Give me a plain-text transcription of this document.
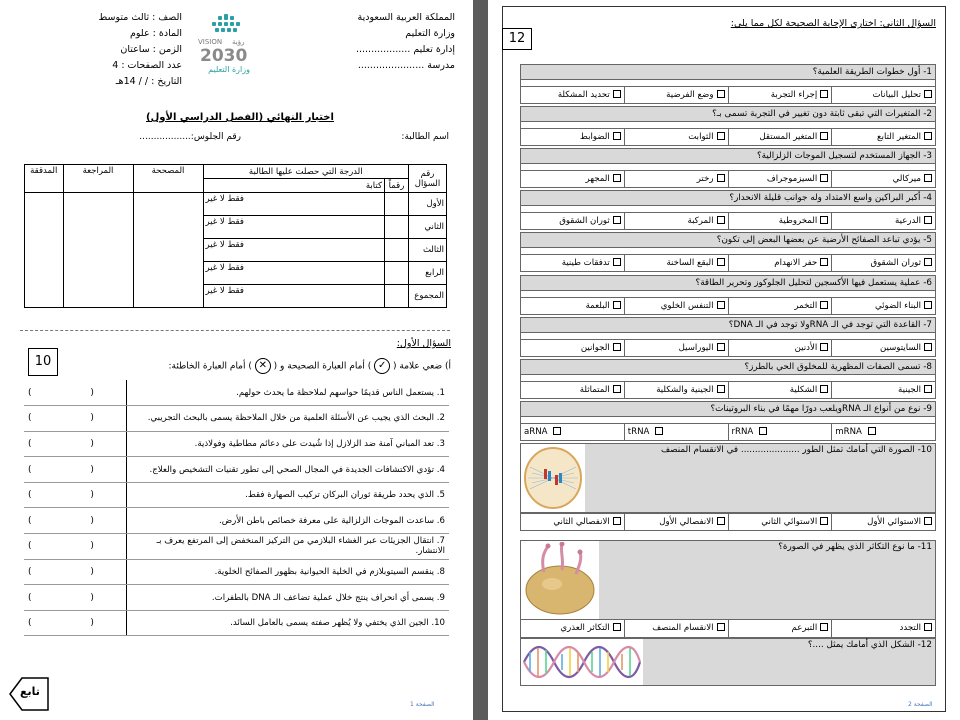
المملكة العربية السعودية
وزارة التعليم
إدارة تعليم ..................
مدرسة ......................
VISION رؤية
2030
وزارة التعليم
الصف : ثالث متوسط
المادة : علوم
الزمن : ساعتان
عدد الصفحات : 4
التاريخ : / / 14هـ
اختبار النهائي (الفصل الدراسي الأول)
اسم الطالبة:
رقم الجلوس:..................
رقم السؤال	الدرجة التي حصلت عليها الطالبة		المصححة	المراجعة	المدققة
	رقماً	كتابة			
الأول		فقط لا غير			
الثاني		فقط لا غير			
الثالث		فقط لا غير			
الرابع		فقط لا غير			
المجموع		فقط لا غير			
السؤال الأول:
10	أ) ضعي علامة ( ✓ ) أمام العبارة الصحيحة و ( ✕ ) أمام العبارة الخاطئة:
1. يستعمل الناس قديمًا حواسهم لملاحظة ما يحدث حولهم.	( )
2. البحث الذي يجيب عن الأسئلة العلمية من خلال الملاحظة يسمى بالبحث التجريبي.	( )
3. تعد المباني آمنة ضد الزلازل إذا شُيدت على دعائم مطاطية وفولاذية.	( )
4. تؤدي الاكتشافات الجديدة في المجال الصحي إلى تطور تقنيات التشخيص والعلاج.	( )
5. الذي يحدد طريقة ثوران البركان تركيب الصهارة فقط.	( )
6. ساعدت الموجات الزلزالية على معرفة خصائص باطن الأرض.	( )
7. انتقال الجزيئات عبر الغشاء البلازمي من التركيز المنخفض إلى المرتفع يعرف بـ الانتشار.	( )
8. ينقسم السيتوبلازم في الخلية الحيوانية بظهور الصفائح الخلوية.	( )
9. يسمى أي انحراف ينتج خلال عملية تضاعف الـ DNA بالطفرات.	( )
10. الجين الذي يختفي ولا يُظهر صفته يسمى بالعامل السائد.	( )
تابع
الصفحة 1
12
السؤال الثاني: اختاري الإجابة الصحيحة لكل مما يلي:
1- أول خطوات الطريقة العلمية؟
تحليل البيانات
إجراء التجربة
وضع الفرضية
تحديد المشكلة
2- المتغيرات التي تبقى ثابتة دون تغيير في التجربة تسمى بـ؟
المتغير التابع
المتغير المستقل
الثوابت
الضوابط
3- الجهاز المستخدم لتسجيل الموجات الزلزالية؟
ميركالي
السيزموجراف
رختر
المجهر
4- أكبر البراكين واسع الامتداد وله جوانب قليلة الانحدار؟
الدرعية
المخروطية
المركبة
ثوران الشقوق
5- يؤدي تباعد الصفائح الأرضية عن بعضها البعض إلى تكون؟
ثوران الشقوق
حفر الانهدام
البقع الساخنة
تدفقات طينية
6- عملية يستعمل فيها الأكسجين لتحليل الجلوكوز وتحرير الطاقة؟
البناء الضوئي
التخمر
التنفس الخلوي
البلعمة
7- القاعدة التي توجد في الـ RNAولا توجد في الـ DNA؟
السايتوسين
الأدنين
اليوراسيل
الجوانين
8- تسمى الصفات المظهرية للمخلوق الحي بالطرز؟
الجينية
الشكلية
الجينية والشكلية
المتماثلة
9- نوع من أنواع الـ RNAويلعب دورًا مهمًا في بناء البروتينات؟
mRNA
rRNA
tRNA
aRNA
10- الصورة التي أمامك تمثل الطور ..................... في الانقسام المنصف
الاستوائي الأول
الاستوائي الثاني
الانفصالي الأول
الانفصالي الثاني
11- ما نوع التكاثر الذي يظهر في الصورة؟
التجدد
التبرعم
الانقسام المنصف
التكاثر العذري
12- الشكل الذي أمامك يمثل ....؟
الصفحة 2
